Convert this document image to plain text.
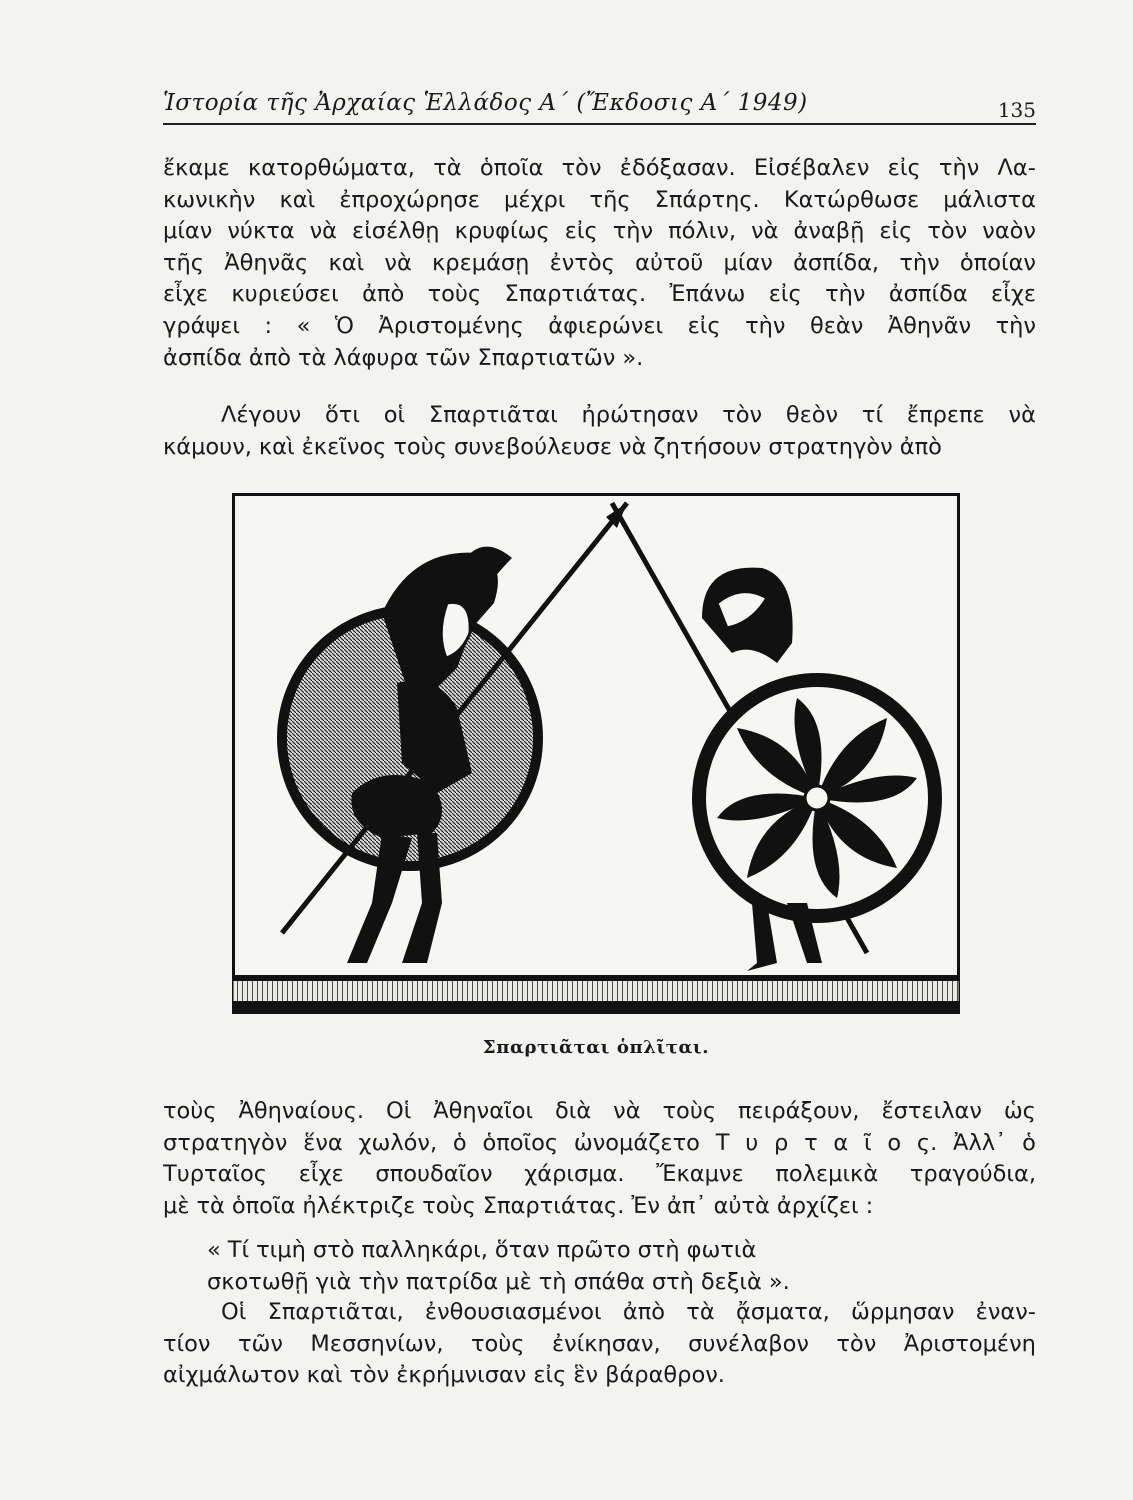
Ἱστορία τῆς Ἀρχαίας Ἑλλάδος Α΄ (Ἔκδοσις Α΄ 1949)	135
ἔκαμε κατορθώματα, τὰ ὁποῖα τὸν ἐδόξασαν. Εἰσέβαλεν εἰς τὴν Λα-
κωνικὴν καὶ ἐπροχώρησε μέχρι τῆς Σπάρτης. Κατώρθωσε μάλιστα
μίαν νύκτα νὰ εἰσέλθῃ κρυφίως εἰς τὴν πόλιν, νὰ ἀναβῇ εἰς τὸν ναὸν
τῆς Ἀθηνᾶς καὶ νὰ κρεμάσῃ ἐντὸς αὐτοῦ μίαν ἀσπίδα, τὴν ὁποίαν
εἶχε κυριεύσει ἀπὸ τοὺς Σπαρτιάτας. Ἐπάνω εἰς τὴν ἀσπίδα εἶχε
γράψει : « Ὁ Ἀριστομένης ἀφιερώνει εἰς τὴν θεὰν Ἀθηνᾶν τὴν
ἀσπίδα ἀπὸ τὰ λάφυρα τῶν Σπαρτιατῶν ».
Λέγουν ὅτι οἱ Σπαρτιᾶται ἠρώτησαν τὸν θεὸν τί ἔπρεπε νὰ
κάμουν, καὶ ἐκεῖνος τοὺς συνεβούλευσε νὰ ζητήσουν στρατηγὸν ἀπὸ
Σπαρτιᾶται ὁπλῖται.
τοὺς Ἀθηναίους. Οἱ Ἀθηναῖοι διὰ νὰ τοὺς πειράξουν, ἔστειλαν ὡς
στρατηγὸν ἕνα χωλόν, ὁ ὁποῖος ὠνομάζετο Τ υ ρ τ α ῖ ο ς. Ἀλλ᾽ ὁ
Τυρταῖος εἶχε σπουδαῖον χάρισμα. Ἔκαμνε πολεμικὰ τραγούδια,
μὲ τὰ ὁποῖα ἠλέκτριζε τοὺς Σπαρτιάτας. Ἐν ἀπ᾽ αὐτὰ ἀρχίζει :
« Τί τιμὴ στὸ παλληκάρι, ὅταν πρῶτο στὴ φωτιὰ
σκοτωθῇ γιὰ τὴν πατρίδα μὲ τὴ σπάθα στὴ δεξιὰ ».
Οἱ Σπαρτιᾶται, ἐνθουσιασμένοι ἀπὸ τὰ ᾄσματα, ὥρμησαν ἐναν-
τίον τῶν Μεσσηνίων, τοὺς ἐνίκησαν, συνέλαβον τὸν Ἀριστομένη
αἰχμάλωτον καὶ τὸν ἐκρήμνισαν εἰς ἓν βάραθρον.
